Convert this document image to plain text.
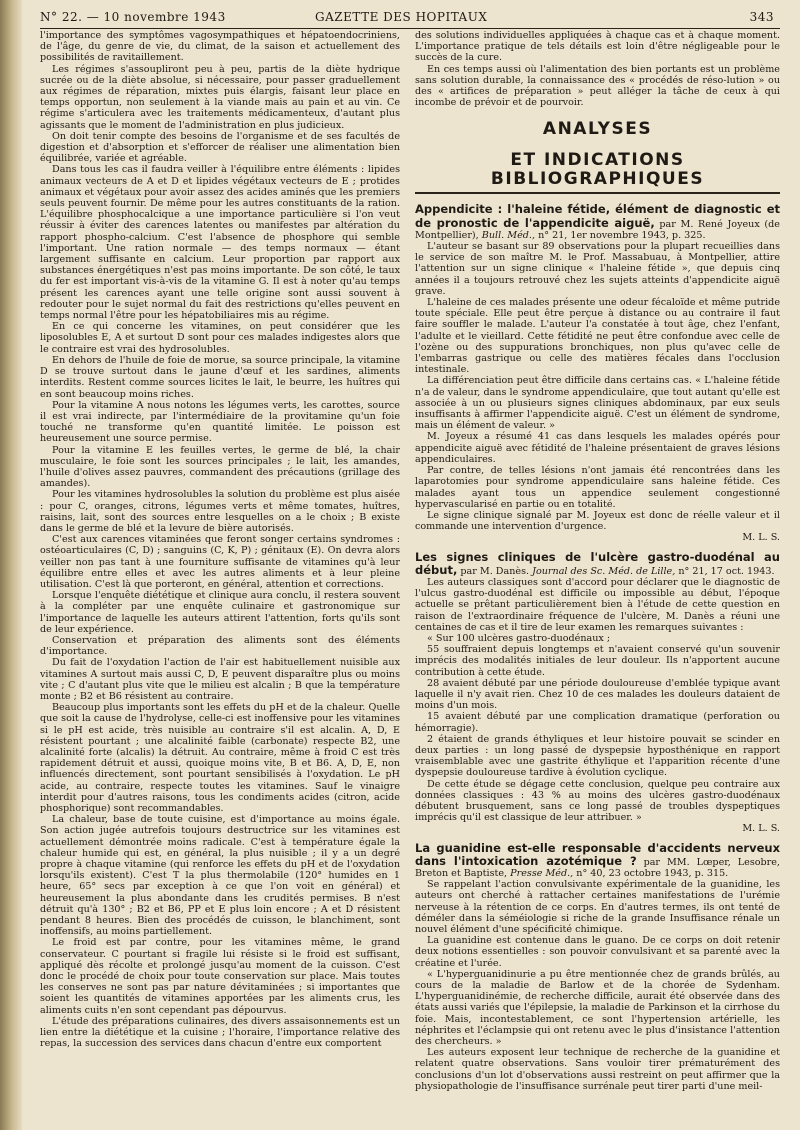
N° 22. — 10 novembre 1943	GAZETTE DES HOPITAUX	343

l'importance des symptômes vagosympathiques et hépatoendocriniens, de l'âge, du genre de vie, du climat, de la saison et actuellement des possibilités de ravitaillement.

Les régimes s'assoupliront peu à peu, partis de la diète hydrique sucrée ou de la diète absolue, si nécessaire, pour passer graduellement aux régimes de réparation, mixtes puis élargis, faisant leur place en temps opportun, non seulement à la viande mais au pain et au vin. Ce régime s'articulera avec les traitements médicamenteux, d'autant plus agissants que le moment de l'administration en plus judicieux.

On doit tenir compte des besoins de l'organisme et de ses facultés de digestion et d'absorption et s'efforcer de réaliser une alimentation bien équilibrée, variée et agréable.

Dans tous les cas il faudra veiller à l'équilibre entre éléments : lipides animaux vecteurs de A et D et lipides végétaux vecteurs de E ; protides animaux et végétaux pour avoir assez des acides aminés que les premiers seuls peuvent fournir. De même pour les autres constituants de la ration. L'équilibre phosphocalcique a une importance particulière si l'on veut réussir à éviter des carences latentes ou manifestes par altération du rapport phospho-calcium. C'est l'absence de phosphore qui semble l'important. Une ration normale — des temps normaux — étant largement suffisante en calcium. Leur proportion par rapport aux substances énergétiques n'est pas moins importante. De son côté, le taux du fer est important vis-à-vis de la vitamine G. Il est à noter qu'au temps présent les carences ayant une telle origine sont aussi souvent à redouter pour le sujet normal du fait des restrictions qu'elles peuvent en temps normal l'être pour les hépatobiliaires mis au régime.

En ce qui concerne les vitamines, on peut considérer que les liposolubles E, A et surtout D sont pour ces malades indigestes alors que le contraire est vrai des hydrosolubles.

En dehors de l'huile de foie de morue, sa source principale, la vitamine D se trouve surtout dans le jaune d'œuf et les sardines, aliments interdits. Restent comme sources licites le lait, le beurre, les huîtres qui en sont beaucoup moins riches.

Pour la vitamine A nous notons les légumes verts, les carottes, source il est vrai indirecte, par l'intermédiaire de la provitamine qu'un foie touché ne transforme qu'en quantité limitée. Le poisson est heureusement une source permise.

Pour la vitamine E les feuilles vertes, le germe de blé, la chair musculaire, le foie sont les sources principales ; le lait, les amandes, l'huile d'olives assez pauvres, commandent des précautions (grillage des amandes).

Pour les vitamines hydrosolubles la solution du problème est plus aisée : pour C, oranges, citrons, légumes verts et même tomates, huîtres, raisins, lait, sont des sources entre lesquelles on a le choix ; B existe dans le germe de blé et la levure de bière autorisés.

C'est aux carences vitaminées que feront songer certains syndromes : ostéoarticulaires (C, D) ; sanguins (C, K, P) ; génitaux (E). On devra alors veiller non pas tant à une fourniture suffisante de vitamines qu'à leur équilibre entre elles et avec les autres aliments et à leur pleine utilisation. C'est là que porteront, en général, attention et corrections.

Lorsque l'enquête diététique et clinique aura conclu, il restera souvent à la compléter par une enquête culinaire et gastronomique sur l'importance de laquelle les auteurs attirent l'attention, forts qu'ils sont de leur expérience.

Conservation et préparation des aliments sont des éléments d'importance.

Du fait de l'oxydation l'action de l'air est habituellement nuisible aux vitamines A surtout mais aussi C, D, E peuvent disparaître plus ou moins vite ; C d'autant plus vite que le milieu est alcalin ; B que la température monte ; B2 et B6 résistent au contraire.

Beaucoup plus importants sont les effets du pH et de la chaleur. Quelle que soit la cause de l'hydrolyse, celle-ci est inoffensive pour les vitamines si le pH est acide, très nuisible au contraire s'il est alcalin. A, D, E résistent pourtant ; une alcalinité faible (carbonate) respecte B2, une alcalinité forte (alcalis) la détruit. Au contraire, même à froid C est très rapidement détruit et aussi, quoique moins vite, B et B6. A, D, E, non influencés directement, sont pourtant sensibilisés à l'oxydation. Le pH acide, au contraire, respecte toutes les vitamines. Sauf le vinaigre interdit pour d'autres raisons, tous les condiments acides (citron, acide phosphorique) sont recommandables.

La chaleur, base de toute cuisine, est d'importance au moins égale. Son action jugée autrefois toujours destructrice sur les vitamines est actuellement démontrée moins radicale. C'est à température égale la chaleur humide qui est, en général, la plus nuisible ; il y a un degré propre à chaque vitamine (qui renforce les effets du pH et de l'oxydation lorsqu'ils existent). C'est T la plus thermolabile (120° humides en 1 heure, 65° secs par exception à ce que l'on voit en général) et heureusement la plus abondante dans les crudités permises. B n'est détruit qu'à 130° ; B2 et B6, PP et E plus loin encore ; A et D résistent pendant 8 heures. Bien des procédés de cuisson, le blanchiment, sont inoffensifs, au moins partiellement.

Le froid est par contre, pour les vitamines même, le grand conservateur. C pourtant si fragile lui résiste si le froid est suffisant, appliqué dès récolte et prolongé jusqu'au moment de la cuisson. C'est donc le procédé de choix pour toute conservation sur place. Mais toutes les conserves ne sont pas par nature dévitaminées ; si importantes que soient les quantités de vitamines apportées par les aliments crus, les aliments cuits n'en sont cependant pas dépourvus.

L'étude des préparations culinaires, des divers assaisonnements est un lien entre la diététique et la cuisine ; l'horaire, l'importance relative des repas, la succession des services dans chacun d'entre eux comportent

des solutions individuelles appliquées à chaque cas et à chaque moment. L'importance pratique de tels détails est loin d'être négligeable pour le succès de la cure.

En ces temps aussi où l'alimentation des bien portants est un problème sans solution durable, la connaissance des « procédés de réso-lution » ou des « artifices de préparation » peut alléger la tâche de ceux à qui incombe de prévoir et de pourvoir.

ANALYSES
ET INDICATIONS BIBLIOGRAPHIQUES
Appendicite : l'haleine fétide, élément de diagnostic et de pronostic de l'appendicite aiguë, par M. René Joyeux (de Montpellier), Bull. Méd., n° 21, 1er novembre 1943, p. 325.

L'auteur se basant sur 89 observations pour la plupart recueillies dans le service de son maître M. le Prof. Massabuau, à Montpellier, attire l'attention sur un signe clinique « l'haleine fétide », que depuis cinq années il a toujours retrouvé chez les sujets atteints d'appendicite aiguë grave.

L'haleine de ces malades présente une odeur fécaloïde et même putride toute spéciale. Elle peut être perçue à distance ou au contraire il faut faire souffler le malade. L'auteur l'a constatée à tout âge, chez l'enfant, l'adulte et le vieillard. Cette fétidité ne peut être confondue avec celle de l'ozène ou des suppurations bronchiques, non plus qu'avec celle de l'embarras gastrique ou celle des matières fécales dans l'occlusion intestinale.

La différenciation peut être difficile dans certains cas. « L'haleine fétide n'a de valeur, dans le syndrome appendiculaire, que tout autant qu'elle est associée à un ou plusieurs signes cliniques abdominaux, par eux seuls insuffisants à affirmer l'appendicite aiguë. C'est un élément de syndrome, mais un élément de valeur. »

M. Joyeux a résumé 41 cas dans lesquels les malades opérés pour appendicite aiguë avec fétidité de l'haleine présentaient de graves lésions appendiculaires.

Par contre, de telles lésions n'ont jamais été rencontrées dans les laparotomies pour syndrome appendiculaire sans haleine fétide. Ces malades ayant tous un appendice seulement congestionné hypervascularisé en partie ou en totalité.

Le signe clinique signalé par M. Joyeux est donc de réelle valeur et il commande une intervention d'urgence.

M. L. S.

Les signes cliniques de l'ulcère gastro-duodénal au début, par M. Danès. Journal des Sc. Méd. de Lille, n° 21, 17 oct. 1943.

Les auteurs classiques sont d'accord pour déclarer que le diagnostic de l'ulcus gastro-duodénal est difficile ou impossible au début, l'époque actuelle se prêtant particulièrement bien à l'étude de cette question en raison de l'extraordinaire fréquence de l'ulcère, M. Danès a réuni une centaines de cas et il tire de leur examen les remarques suivantes :

« Sur 100 ulcères gastro-duodénaux ;

55 souffraient depuis longtemps et n'avaient conservé qu'un souvenir imprécis des modalités initiales de leur douleur. Ils n'apportent aucune contribution à cette étude.

28 avaient débuté par une période douloureuse d'emblée typique avant laquelle il n'y avait rien. Chez 10 de ces malades les douleurs dataient de moins d'un mois.

15 avaient débuté par une complication dramatique (perforation ou hémorragie).

2 étaient de grands éthyliques et leur histoire pouvait se scinder en deux parties : un long passé de dyspepsie hyposthénique en rapport vraisemblable avec une gastrite éthylique et l'apparition récente d'une dyspepsie douloureuse tardive à évolution cyclique.

De cette étude se dégage cette conclusion, quelque peu contraire aux données classiques : 43 % au moins des ulcères gastro-duodénaux débutent brusquement, sans ce long passé de troubles dyspeptiques imprécis qu'il est classique de leur attribuer. »

M. L. S.

La guanidine est-elle responsable d'accidents nerveux dans l'intoxication azotémique ? par MM. Lœper, Lesobre, Breton et Baptiste, Presse Méd., n° 40, 23 octobre 1943, p. 315.

Se rappelant l'action convulsivante expérimentale de la guanidine, les auteurs ont cherché à rattacher certaines manifestations de l'urémie nerveuse à la rétention de ce corps. En d'autres termes, ils ont tenté de déméler dans la séméiologie si riche de la grande Insuffisance rénale un nouvel élément d'une spécificité chimique.

La guanidine est contenue dans le guano. De ce corps on doit retenir deux notions essentielles : son pouvoir convulsivant et sa parenté avec la créatine et l'urée.

« L'hyperguanidinurie a pu être mentionnée chez de grands brûlés, au cours de la maladie de Barlow et de la chorée de Sydenham. L'hyperguanidinémie, de recherche difficile, aurait été observée dans des états aussi variés que l'épilepsie, la maladie de Parkinson et la cirrhose du foie. Mais, incontestablement, ce sont l'hypertension artérielle, les néphrites et l'éclampsie qui ont retenu avec le plus d'insistance l'attention des chercheurs. »

Les auteurs exposent leur technique de recherche de la guanidine et relatent quatre observations. Sans vouloir tirer prématurément des conclusions d'un lot d'observations aussi restreint on peut affirmer que la physiopathologie de l'insuffisance surrénale peut tirer parti d'une meil-
